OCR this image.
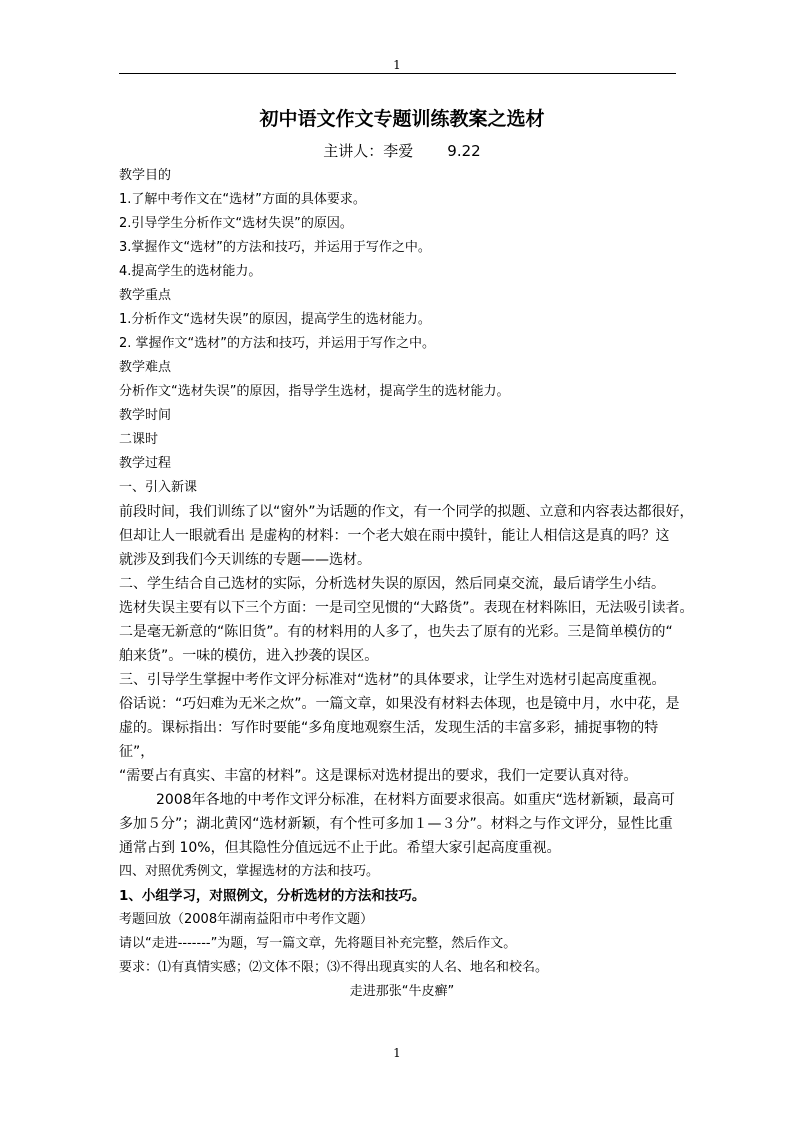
1
初中语文作文专题训练教案之选材

主讲人：李爱 9.22

教学目的

1.了解中考作文在“选材”方面的具体要求。

2.引导学生分析作文“选材失误”的原因。

3.掌握作文“选材”的方法和技巧，并运用于写作之中。

4.提高学生的选材能力。

教学重点

1.分析作文“选材失误”的原因，提高学生的选材能力。

2. 掌握作文“选材”的方法和技巧，并运用于写作之中。

教学难点

分析作文“选材失误”的原因，指导学生选材，提高学生的选材能力。

教学时间

二课时

教学过程

一、引入新课

前段时间，我们训练了以“窗外”为话题的作文，有一个同学的拟题、立意和内容表达都很好，

但却让人一眼就看出 是虚构的材料：一个老大娘在雨中摸针，能让人相信这是真的吗？这

就涉及到我们今天训练的专题——选材。

二、学生结合自己选材的实际，分析选材失误的原因，然后同桌交流，最后请学生小结。

选材失误主要有以下三个方面：一是司空见惯的“大路货”。表现在材料陈旧，无法吸引读者。

二是毫无新意的“陈旧货”。有的材料用的人多了，也失去了原有的光彩。三是简单模仿的“

舶来货”。一味的模仿，进入抄袭的误区。

三、引导学生掌握中考作文评分标准对“选材”的具体要求，让学生对选材引起高度重视。

俗话说：“巧妇难为无米之炊”。一篇文章，如果没有材料去体现，也是镜中月，水中花，是

虚的。课标指出：写作时要能“多角度地观察生活，发现生活的丰富多彩，捕捉事物的特

征”，

“需要占有真实、丰富的材料”。这是课标对选材提出的要求，我们一定要认真对待。

2008年各地的中考作文评分标准，在材料方面要求很高。如重庆“选材新颖，最高可

多加５分”；湖北黄冈“选材新颖，有个性可多加１—３分”。材料之与作文评分，显性比重

通常占到 10%，但其隐性分值远远不止于此。希望大家引起高度重视。

四、对照优秀例文，掌握选材的方法和技巧。

1、小组学习，对照例文，分析选材的方法和技巧。

考题回放（2008年湖南益阳市中考作文题）

请以“走进-------”为题，写一篇文章，先将题目补充完整，然后作文。

要求：⑴有真情实感；⑵文体不限；⑶不得出现真实的人名、地名和校名。

走进那张“牛皮癣”

1
